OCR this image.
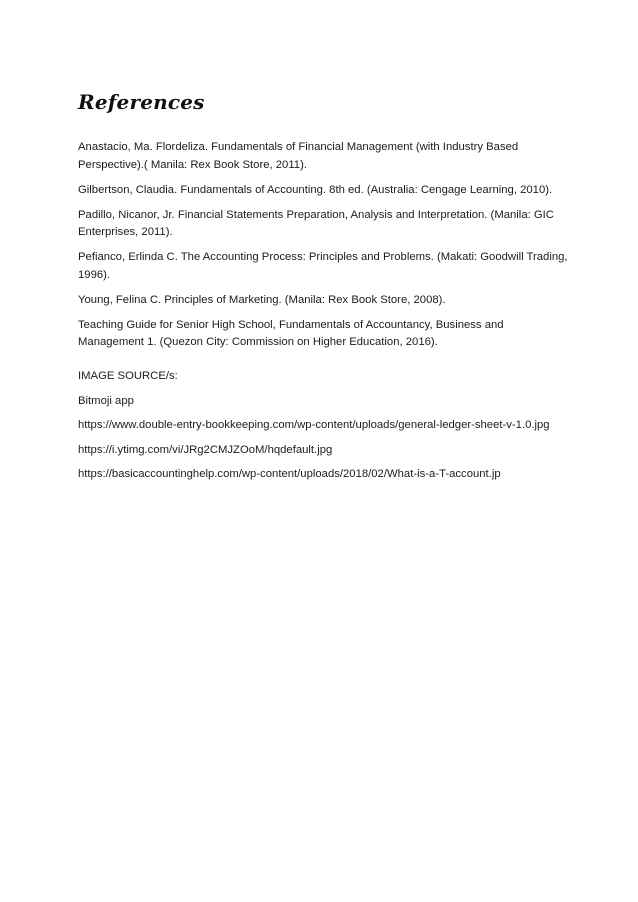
References

Anastacio, Ma. Flordeliza. Fundamentals of Financial Management (with Industry Based Perspective).( Manila: Rex Book Store, 2011).

Gilbertson, Claudia. Fundamentals of Accounting. 8th ed. (Australia: Cengage Learning, 2010).

Padillo, Nicanor, Jr. Financial Statements Preparation, Analysis and Interpretation. (Manila: GIC Enterprises, 2011).

Pefianco, Erlinda C. The Accounting Process: Principles and Problems. (Makati: Goodwill Trading, 1996).

Young, Felina C. Principles of Marketing. (Manila: Rex Book Store, 2008).

Teaching Guide for Senior High School, Fundamentals of Accountancy, Business and Management 1. (Quezon City: Commission on Higher Education, 2016).

IMAGE SOURCE/s:

Bitmoji app

https://www.double-entry-bookkeeping.com/wp-content/uploads/general-ledger-sheet-v-1.0.jpg

https://i.ytimg.com/vi/JRg2CMJZOoM/hqdefault.jpg

https://basicaccountinghelp.com/wp-content/uploads/2018/02/What-is-a-T-account.jp
